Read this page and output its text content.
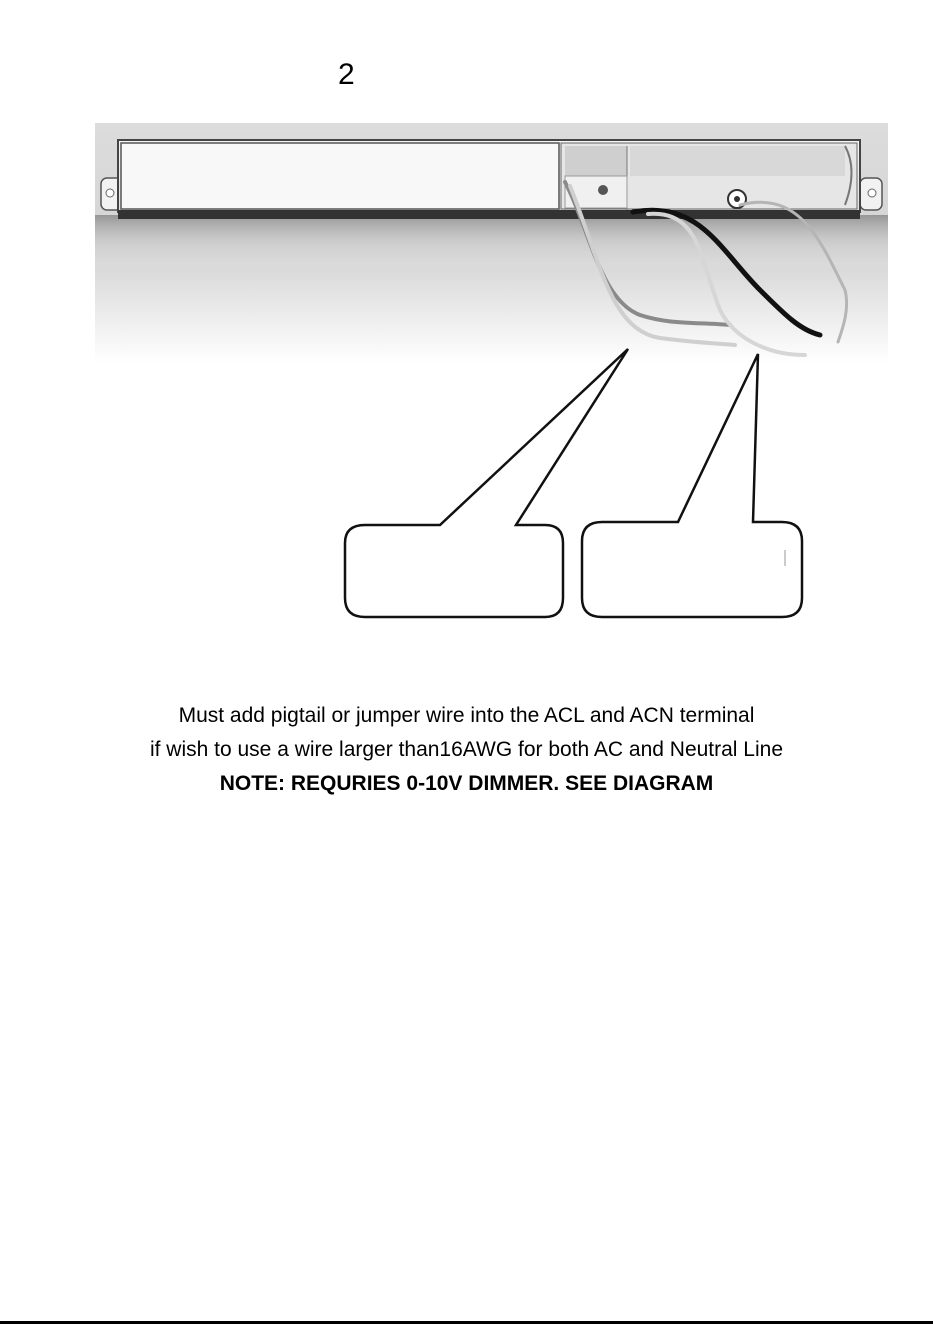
2
Must add pigtail or jumper wire into the ACL and ACN terminal
if wish to use a wire larger than16AWG for both AC and Neutral Line
NOTE: REQURIES 0-10V DIMMER. SEE DIAGRAM
